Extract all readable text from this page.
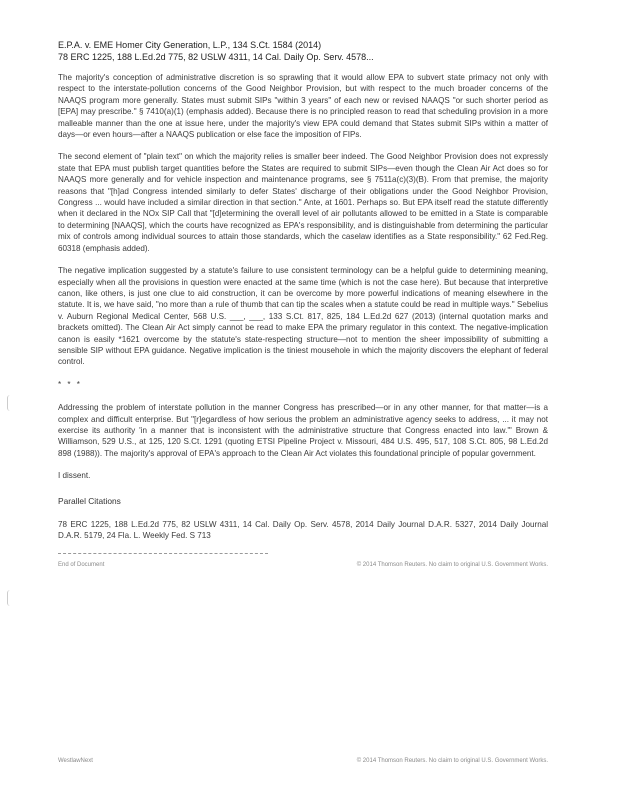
E.P.A. v. EME Homer City Generation, L.P., 134 S.Ct. 1584 (2014)
78 ERC 1225, 188 L.Ed.2d 775, 82 USLW 4311, 14 Cal. Daily Op. Serv. 4578...

The majority's conception of administrative discretion is so sprawling that it would allow EPA to subvert state primacy not only with respect to the interstate-pollution concerns of the Good Neighbor Provision, but with respect to the much broader concerns of the NAAQS program more generally. States must submit SIPs "within 3 years" of each new or revised NAAQS "or such shorter period as [EPA] may prescribe." § 7410(a)(1) (emphasis added). Because there is no principled reason to read that scheduling provision in a more malleable manner than the one at issue here, under the majority's view EPA could demand that States submit SIPs within a matter of days—or even hours—after a NAAQS publication or else face the imposition of FIPs.

The second element of "plain text" on which the majority relies is smaller beer indeed. The Good Neighbor Provision does not expressly state that EPA must publish target quantities before the States are required to submit SIPs—even though the Clean Air Act does so for NAAQS more generally and for vehicle inspection and maintenance programs, see § 7511a(c)(3)(B). From that premise, the majority reasons that "[h]ad Congress intended similarly to defer States' discharge of their obligations under the Good Neighbor Provision, Congress ... would have included a similar direction in that section." Ante, at 1601. Perhaps so. But EPA itself read the statute differently when it declared in the NOx SIP Call that "[d]etermining the overall level of air pollutants allowed to be emitted in a State is comparable to determining [NAAQS], which the courts have recognized as EPA's responsibility, and is distinguishable from determining the particular mix of controls among individual sources to attain those standards, which the caselaw identifies as a State responsibility." 62 Fed.Reg. 60318 (emphasis added).

The negative implication suggested by a statute's failure to use consistent terminology can be a helpful guide to determining meaning, especially when all the provisions in question were enacted at the same time (which is not the case here). But because that interpretive canon, like others, is just one clue to aid construction, it can be overcome by more powerful indications of meaning elsewhere in the statute. It is, we have said, "no more than a rule of thumb that can tip the scales when a statute could be read in multiple ways." Sebelius v. Auburn Regional Medical Center, 568 U.S. ___, ___, 133 S.Ct. 817, 825, 184 L.Ed.2d 627 (2013) (internal quotation marks and brackets omitted). The Clean Air Act simply cannot be read to make EPA the primary regulator in this context. The negative-implication canon is easily *1621 overcome by the statute's state-respecting structure—not to mention the sheer impossibility of submitting a sensible SIP without EPA guidance. Negative implication is the tiniest mousehole in which the majority discovers the elephant of federal control.

* * *

Addressing the problem of interstate pollution in the manner Congress has prescribed—or in any other manner, for that matter—is a complex and difficult enterprise. But "[r]egardless of how serious the problem an administrative agency seeks to address, ... it may not exercise its authority 'in a manner that is inconsistent with the administrative structure that Congress enacted into law.'" Brown & Williamson, 529 U.S., at 125, 120 S.Ct. 1291 (quoting ETSI Pipeline Project v. Missouri, 484 U.S. 495, 517, 108 S.Ct. 805, 98 L.Ed.2d 898 (1988)). The majority's approval of EPA's approach to the Clean Air Act violates this foundational principle of popular government.

I dissent.

Parallel Citations

78 ERC 1225, 188 L.Ed.2d 775, 82 USLW 4311, 14 Cal. Daily Op. Serv. 4578, 2014 Daily Journal D.A.R. 5327, 2014 Daily Journal D.A.R. 5179, 24 Fla. L. Weekly Fed. S 713

End of Document	© 2014 Thomson Reuters. No claim to original U.S. Government Works.
WestlawNext	© 2014 Thomson Reuters. No claim to original U.S. Government Works.
